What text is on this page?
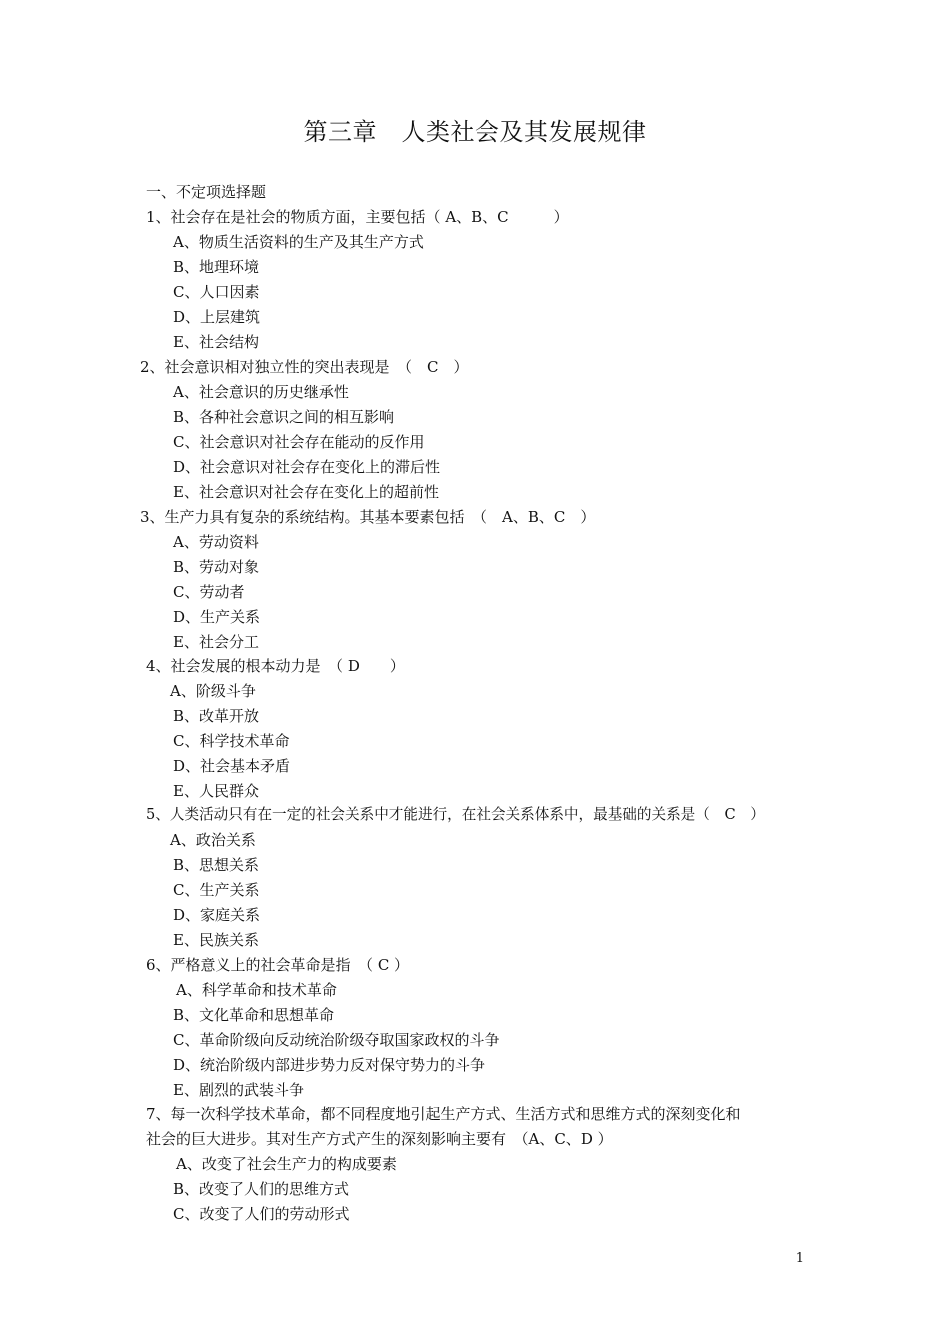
第三章　人类社会及其发展规律
一、不定项选择题
1、社会存在是社会的物质方面，主要包括（ A、B、C　　　）
A、物质生活资料的生产及其生产方式
B、地理环境
C、人口因素
D、上层建筑
E、社会结构
2、社会意识相对独立性的突出表现是　（　C　）
A、社会意识的历史继承性
B、各种社会意识之间的相互影响
C、社会意识对社会存在能动的反作用
D、社会意识对社会存在变化上的滞后性
E、社会意识对社会存在变化上的超前性
3、生产力具有复杂的系统结构。其基本要素包括　（　A、B、C　）
A、劳动资料
B、劳动对象
C、劳动者
D、生产关系
E、社会分工
4、社会发展的根本动力是　（ D　　）
A、阶级斗争
B、改革开放
C、科学技术革命
D、社会基本矛盾
E、人民群众
5、人类活动只有在一定的社会关系中才能进行，在社会关系体系中，最基础的关系是（　C　）
A、政治关系
B、思想关系
C、生产关系
D、家庭关系
E、民族关系
6、严格意义上的社会革命是指　（ C ）
A、科学革命和技术革命
B、文化革命和思想革命
C、革命阶级向反动统治阶级夺取国家政权的斗争
D、统治阶级内部进步势力反对保守势力的斗争
E、剧烈的武装斗争
7、每一次科学技术革命，都不同程度地引起生产方式、生活方式和思维方式的深刻变化和
社会的巨大进步。其对生产方式产生的深刻影响主要有　（A、C、D ）
A、改变了社会生产力的构成要素
B、改变了人们的思维方式
C、改变了人们的劳动形式
1
